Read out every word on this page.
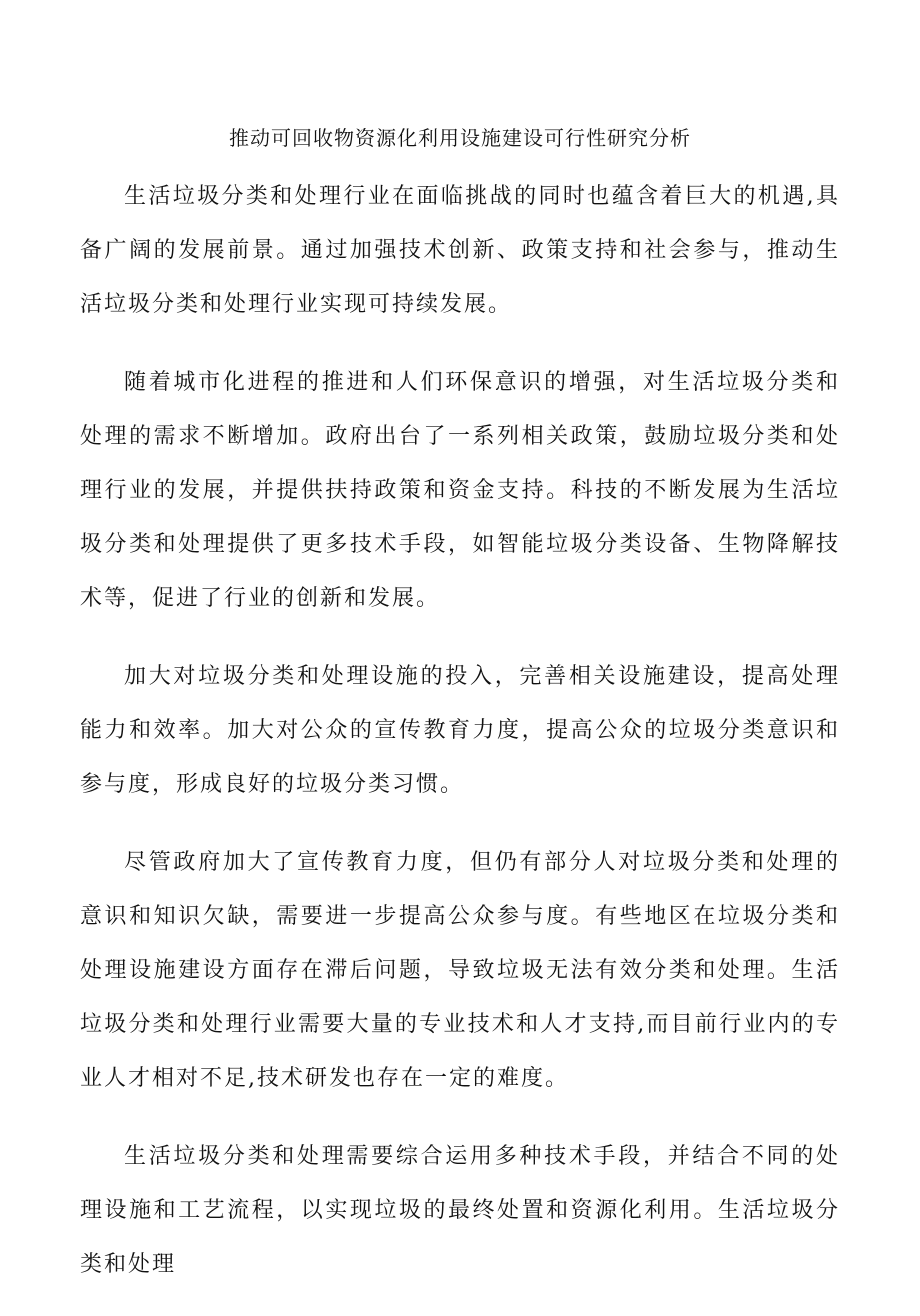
推动可回收物资源化利用设施建设可行性研究分析

生活垃圾分类和处理行业在面临挑战的同时也蕴含着巨大的机遇,具备广阔的发展前景。通过加强技术创新、政策支持和社会参与，推动生活垃圾分类和处理行业实现可持续发展。

随着城市化进程的推进和人们环保意识的增强，对生活垃圾分类和处理的需求不断增加。政府出台了一系列相关政策，鼓励垃圾分类和处理行业的发展，并提供扶持政策和资金支持。科技的不断发展为生活垃圾分类和处理提供了更多技术手段，如智能垃圾分类设备、生物降解技术等，促进了行业的创新和发展。

加大对垃圾分类和处理设施的投入，完善相关设施建设，提高处理能力和效率。加大对公众的宣传教育力度，提高公众的垃圾分类意识和参与度，形成良好的垃圾分类习惯。

尽管政府加大了宣传教育力度，但仍有部分人对垃圾分类和处理的意识和知识欠缺，需要进一步提高公众参与度。有些地区在垃圾分类和处理设施建设方面存在滞后问题，导致垃圾无法有效分类和处理。生活垃圾分类和处理行业需要大量的专业技术和人才支持,而目前行业内的专业人才相对不足,技术研发也存在一定的难度。

生活垃圾分类和处理需要综合运用多种技术手段，并结合不同的处理设施和工艺流程，以实现垃圾的最终处置和资源化利用。生活垃圾分类和处理
